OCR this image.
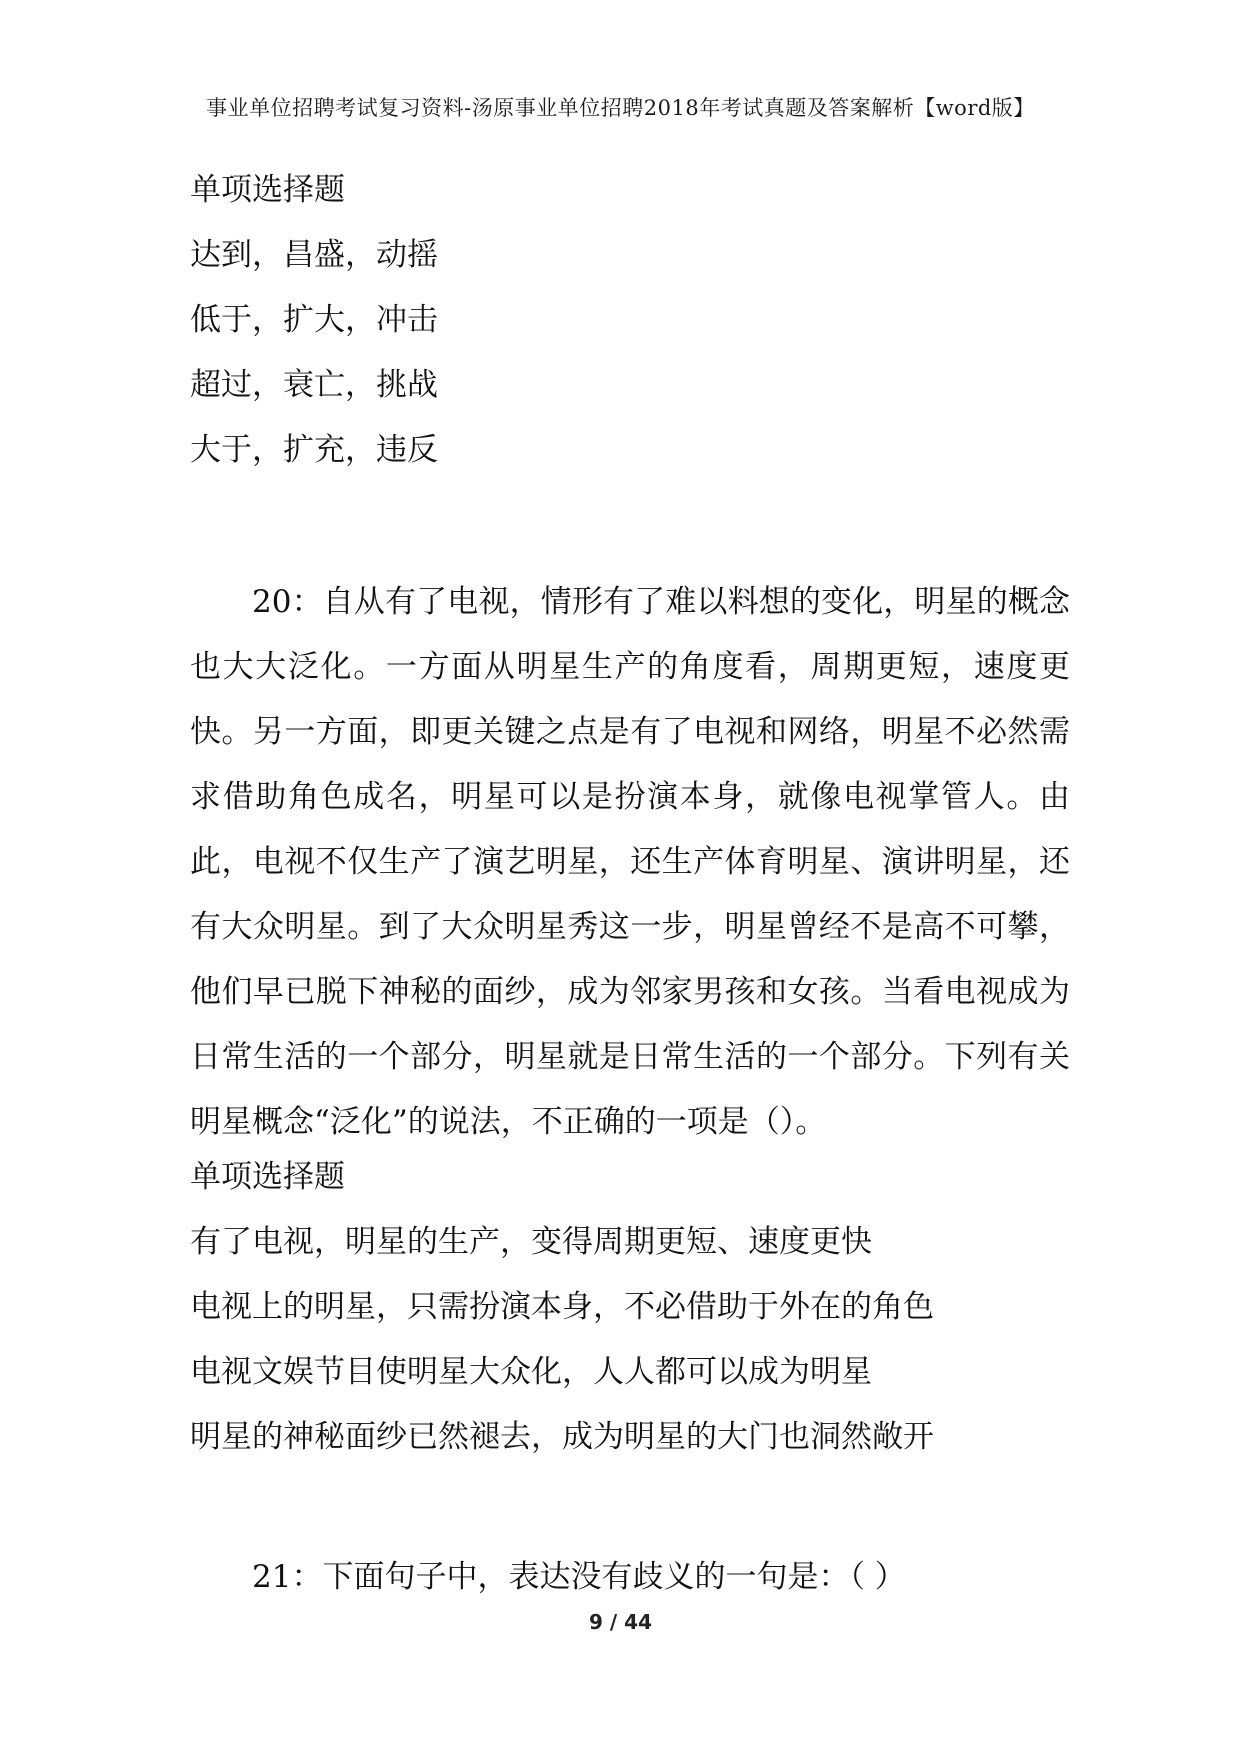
事业单位招聘考试复习资料-汤原事业单位招聘2018年考试真题及答案解析【word版】
单项选择题
达到，昌盛，动摇
低于，扩大，冲击
超过，衰亡，挑战
大于，扩充，违反

20：自从有了电视，情形有了难以料想的变化，明星的概念也大大泛化。一方面从明星生产的角度看，周期更短，速度更快。另一方面，即更关键之点是有了电视和网络，明星不必然需求借助角色成名，明星可以是扮演本身，就像电视掌管人。由此，电视不仅生产了演艺明星，还生产体育明星、演讲明星，还有大众明星。到了大众明星秀这一步，明星曾经不是高不可攀，他们早已脱下神秘的面纱，成为邻家男孩和女孩。当看电视成为日常生活的一个部分，明星就是日常生活的一个部分。下列有关明星概念“泛化”的说法，不正确的一项是（）。

单项选择题
有了电视，明星的生产，变得周期更短、速度更快
电视上的明星，只需扮演本身，不必借助于外在的角色
电视文娱节目使明星大众化，人人都可以成为明星
明星的神秘面纱已然褪去，成为明星的大门也洞然敞开
21：下面句子中，表达没有歧义的一句是：（ ）
9 / 44
